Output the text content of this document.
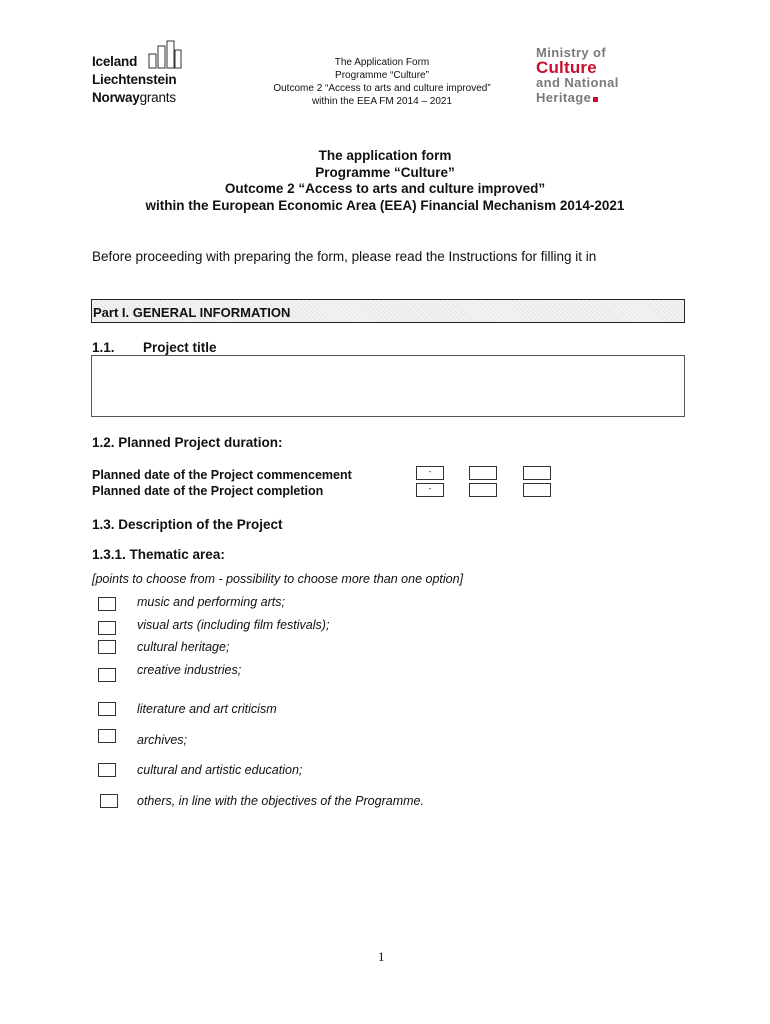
Iceland
Liechtenstein
Norwaygrants
The Application Form
Programme “Culture”
Outcome 2 “Access to arts and culture improved”
within the EEA FM 2014 – 2021
Ministry of
Culture
and National
Heritage
The application form
Programme “Culture”
Outcome 2 “Access to arts and culture improved”
within the European Economic Area (EEA) Financial Mechanism 2014-2021
Before proceeding with preparing the form, please read the Instructions for filling it in
Part I. GENERAL INFORMATION
1.1. Project title
1.2. Planned Project duration:
Planned date of the Project commencement
Planned date of the Project completion
-
-
1.3. Description of the Project
1.3.1. Thematic area:
[points to choose from - possibility to choose more than one option]
music and performing arts;
visual arts (including film festivals);
cultural heritage;
creative industries;
literature and art criticism
archives;
cultural and artistic education;
others, in line with the objectives of the Programme.
1
